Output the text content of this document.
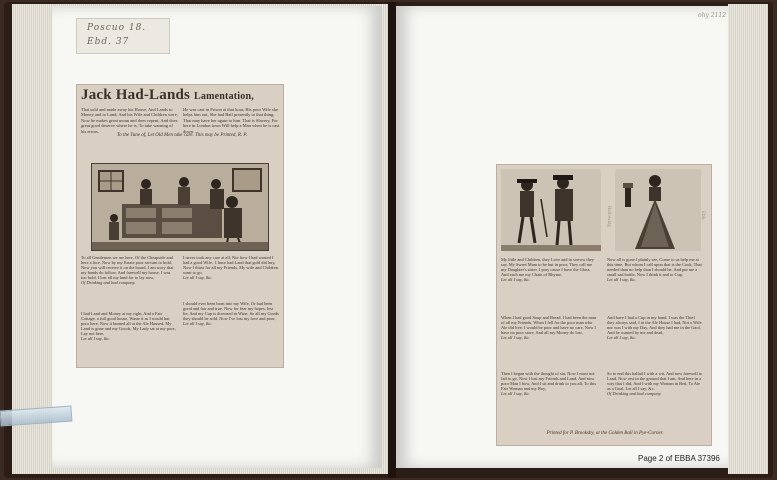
Poscuo 18.
Ebd. 37
Jack Had-Lands Lamentation,
That sold and made away his House, And Lands to Money and to Land, And his Wife and Children were, Now he makes great moan and does repent, And does great good deserve where he is, To take warning of his errors.
He was cast in Prison at that hour, His poor Wife she helps him out, She had Bail presently to that thing, That may have her again to him. That is Slavery, For here in London town Will help a Man when he is cast down.
To the Tune of, Let Old Men take care. This may be Printed, R. P.
To all Gentlemen we are here, Of the Cheapside and here a fore, Now by my Estate poor servant to hold, Now you will receive it on the board, I am sorry that my hands do follow, And farewell my house, I was too bold, I lost all my land for to lay now,
Of Drinking and bad company.
I had Land and Money at my right, And a Fair Cottage, a full good house, Waste it as I would but poor here, Now it burned all at the Ale Housed, My Land is gone and my Goods, My Lady sat at my poor, Lay not here,
Let all I say, &c.
I never took any care at all, Nor how I had wasted I had a good Wife,. I have had Land that gold did buy, Now I thirst for all my Friends, My wife and Children want to go,
Let all I say, &c.
I should ever been born into my Wife, Or had been good and fair and true, Now for fear my hopes, lost lie, And my Cup is drowned in Wine, So all my Goods they should be sold, Now I've lost my love and poor,
Let all I say, &c.
Bellowing	Ebb.
My little and Children, they Love and in sorrow they say, My Sweet Mam to be but in poor, They call me my Daughter's sister, I pray cause I have the Glass, And each me my Chain of Rhyme,
Let all I say, &c.
When I had good Soup and Bread, I had been the man of all my Friends, When I fell for the poor man who Ale did live, I would be poor and have no care, Now I have no poor store, And all my Money do lost,
Let all I say, &c.
Then I began with the thought of sin, Now I must not fail to go, Now I lost my Friends and Land, And now poor Man I bow, And I sit and drink to you all, To this Fair Woman and my Boy,
Let all I say, &c.
Now all is gone I plainly see, Come to us help me at this time, But whom I call upon that is the Cook, That needed than no help than I should be, And put me a small sad bottle, Now I think it and to Cup,
Let all I say, &c.
And have I had a Cup in my hand, I was the Thief they always said, I in the Ale House I had, Not a Wife nor was I with my Day, And they had me in the Gaol, And he wanted by me and dead,
Let all I say, &c.
So to end this ballad I with a wit, And now farewell to Land, Now rest in the ground that I am, And here in a way that I did, And I with my Woman in Bed, To Ale as a Goal, Let all I say, &c.
Of Drinking and bad company.
Printed for P. Brooksby, at the Golden Ball in Pye-Corner.
ohy 2112
Page 2 of EBBA 37396
